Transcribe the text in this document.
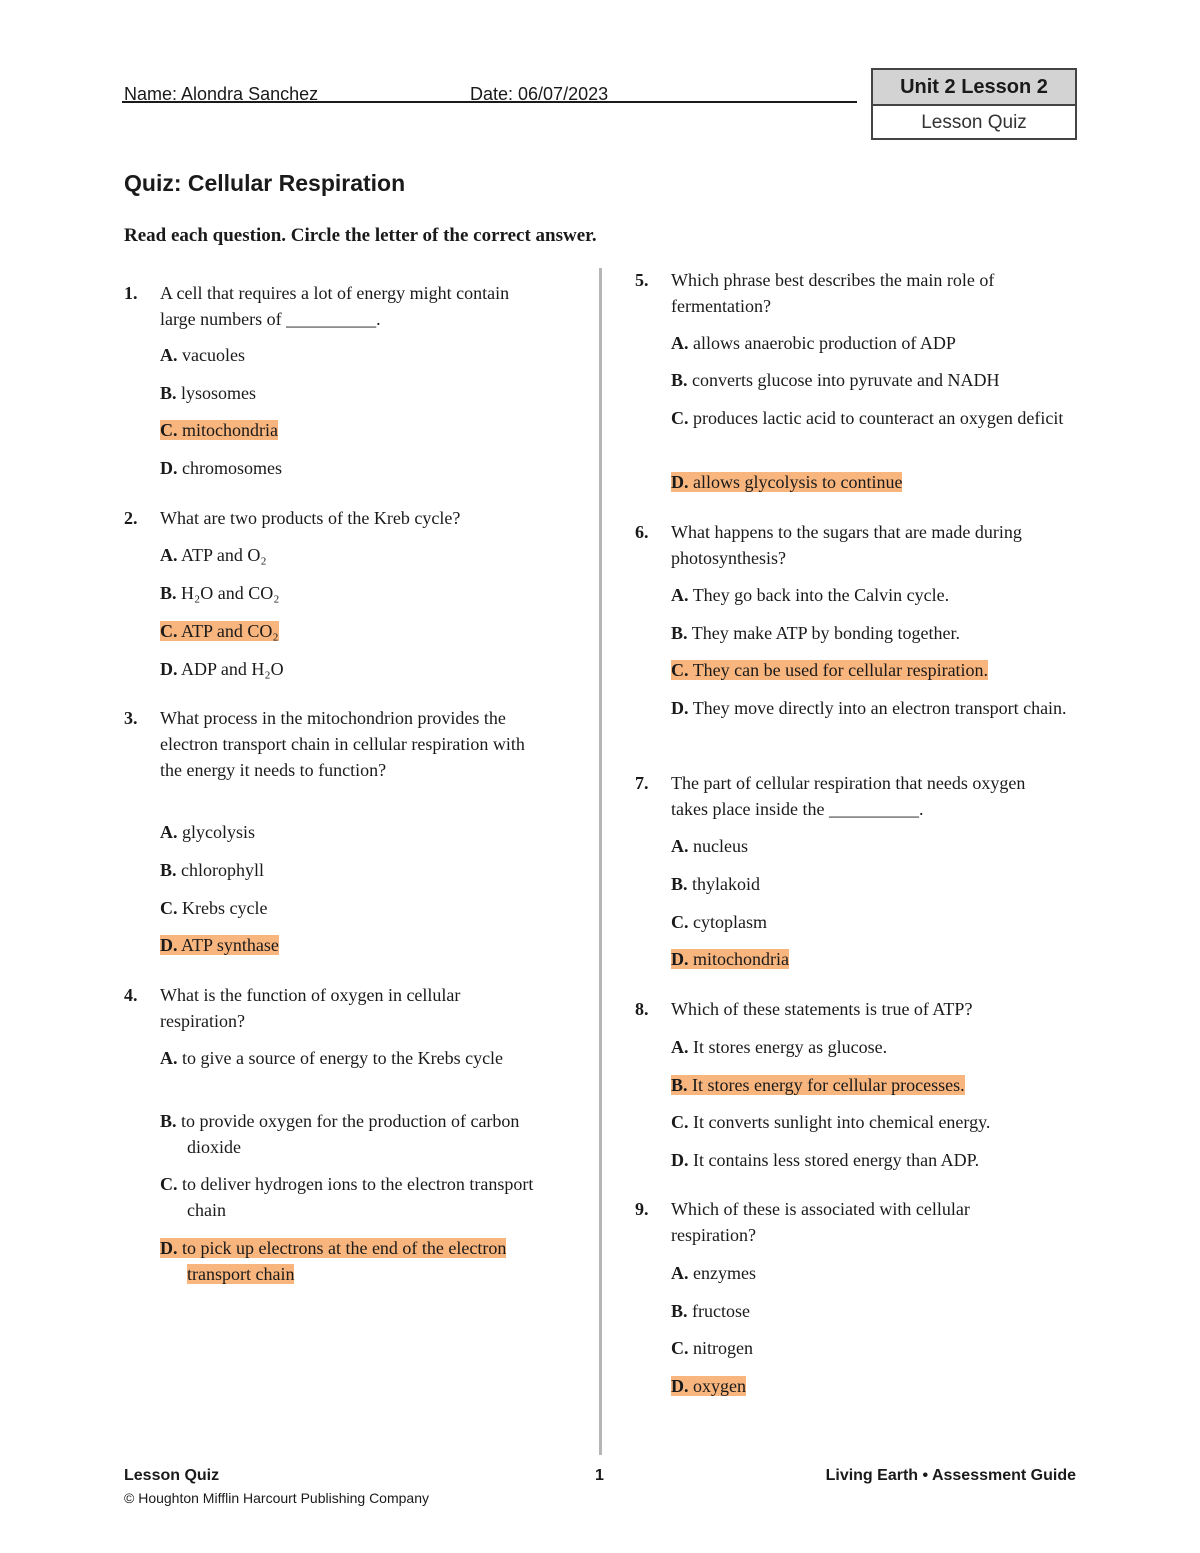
Name: Alondra Sanchez	Date: 06/07/2023	Unit 2 Lesson 2
Lesson Quiz
Quiz: Cellular Respiration
Read each question. Circle the letter of the correct answer.
1. A cell that requires a lot of energy might contain large numbers of __________.
A. vacuoles
B. lysosomes
C. mitochondria
D. chromosomes
2. What are two products of the Kreb cycle?
A. ATP and O₂
B. H₂O and CO₂
C. ATP and CO₂
D. ADP and H₂O
3. What process in the mitochondrion provides the electron transport chain in cellular respiration with the energy it needs to function?
A. glycolysis
B. chlorophyll
C. Krebs cycle
D. ATP synthase
4. What is the function of oxygen in cellular respiration?
A. to give a source of energy to the Krebs cycle
B. to provide oxygen for the production of carbon dioxide
C. to deliver hydrogen ions to the electron transport chain
D. to pick up electrons at the end of the electron transport chain
5. Which phrase best describes the main role of fermentation?
A. allows anaerobic production of ADP
B. converts glucose into pyruvate and NADH
C. produces lactic acid to counteract an oxygen deficit
D. allows glycolysis to continue
6. What happens to the sugars that are made during photosynthesis?
A. They go back into the Calvin cycle.
B. They make ATP by bonding together.
C. They can be used for cellular respiration.
D. They move directly into an electron transport chain.
7. The part of cellular respiration that needs oxygen takes place inside the __________.
A. nucleus
B. thylakoid
C. cytoplasm
D. mitochondria
8. Which of these statements is true of ATP?
A. It stores energy as glucose.
B. It stores energy for cellular processes.
C. It converts sunlight into chemical energy.
D. It contains less stored energy than ADP.
9. Which of these is associated with cellular respiration?
A. enzymes
B. fructose
C. nitrogen
D. oxygen
Lesson Quiz	1	Living Earth • Assessment Guide
© Houghton Mifflin Harcourt Publishing Company
